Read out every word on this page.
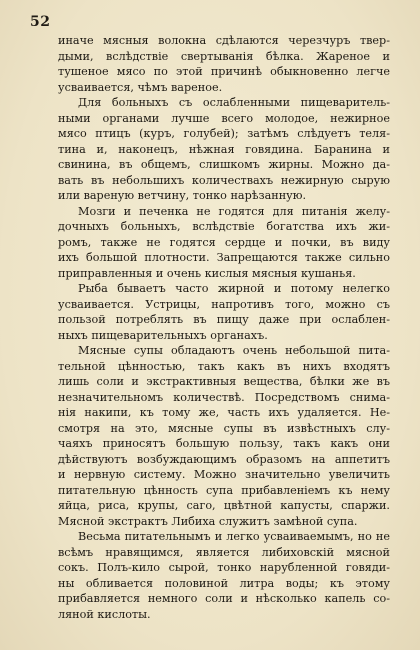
52
иначе мясныя волокна сдѣлаются черезчуръ твер-
дыми, вслѣдствіе свертыванія бѣлка. Жареное и
тушеное мясо по этой причинѣ обыкновенно легче
усваивается, чѣмъ вареное.
Для больныхъ съ ослабленными пищеваритель-
ными органами лучше всего молодое, нежирное
мясо птицъ (куръ, голубей); затѣмъ слѣдуетъ теля-
тина и, наконецъ, нѣжная говядина. Баранина и
свинина, въ общемъ, слишкомъ жирны. Можно да-
вать въ небольшихъ количествахъ нежирную сырую
или вареную ветчину, тонко нарѣзанную.
Мозги и печенка не годятся для питанія желу-
дочныхъ больныхъ, вслѣдствіе богатства ихъ жи-
ромъ, также не годятся сердце и почки, въ виду
ихъ большой плотности. Запрещаются также сильно
приправленныя и очень кислыя мясныя кушанья.
Рыба бываетъ часто жирной и потому нелегко
усваивается. Устрицы, напротивъ того, можно съ
пользой потреблять въ пищу даже при ослаблен-
ныхъ пищеварительныхъ органахъ.
Мясные супы обладаютъ очень небольшой пита-
тельной цѣнностью, такъ какъ въ нихъ входятъ
лишь соли и экстрактивныя вещества, бѣлки же въ
незначительномъ количествѣ. Посредствомъ снима-
нія накипи, къ тому же, часть ихъ удаляется. Не-
смотря на это, мясные супы въ извѣстныхъ слу-
чаяхъ приносятъ большую пользу, такъ какъ они
дѣйствуютъ возбуждающимъ образомъ на аппетитъ
и нервную систему. Можно значительно увеличить
питательную цѣнность супа прибавленіемъ къ нему
яйца, риса, крупы, саго, цвѣтной капусты, спаржи.
Мясной экстрактъ Либиха служитъ замѣной супа.
Весьма питательнымъ и легко усваиваемымъ, но не
всѣмъ нравящимся, является либиховскій мясной
сокъ. Полъ-кило сырой, тонко нарубленной говяди-
ны обливается половиной литра воды; къ этому
прибавляется немного соли и нѣсколько капель со-
ляной кислоты.
